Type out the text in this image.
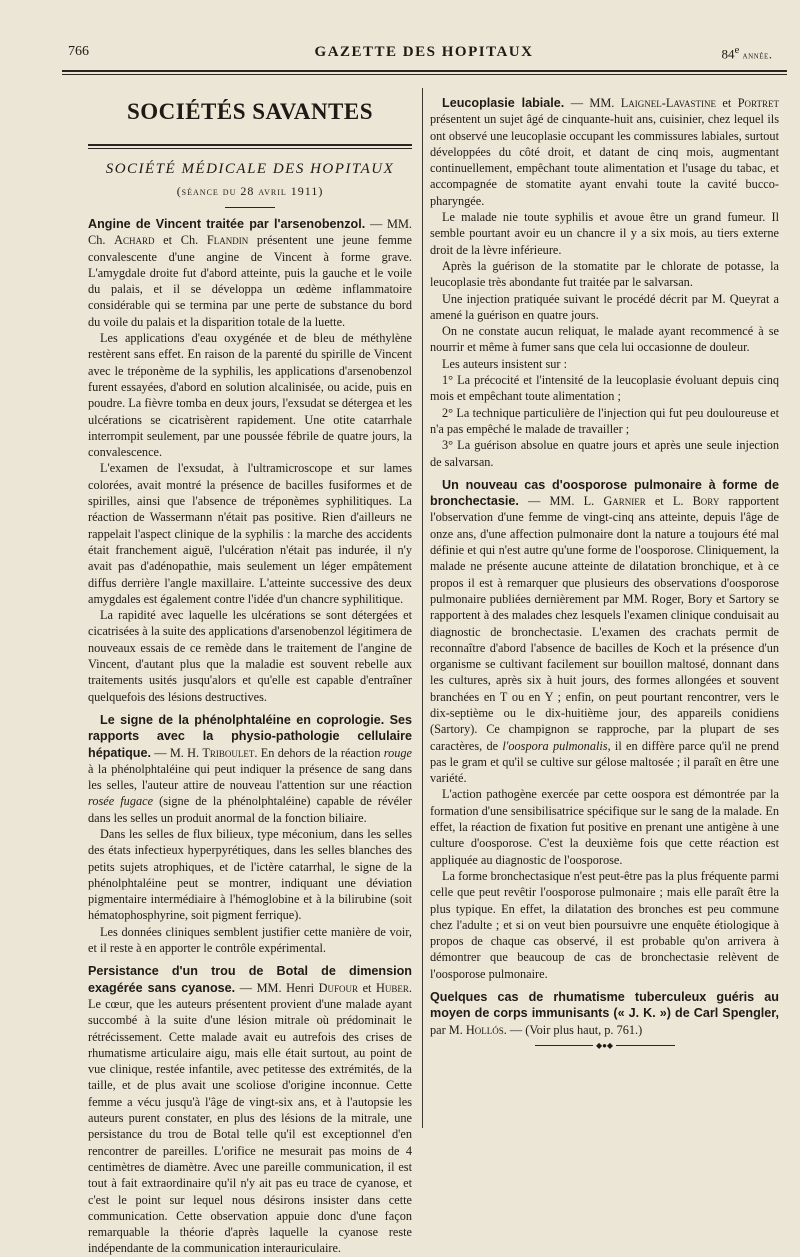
766	GAZETTE DES HOPITAUX	84e année.
SOCIÉTÉS SAVANTES
SOCIÉTÉ MÉDICALE DES HOPITAUX
(séance du 28 avril 1911)

Angine de Vincent traitée par l'arsenobenzol. — MM. Ch. Achard et Ch. Flandin présentent une jeune femme convalescente d'une angine de Vincent à forme grave. L'amygdale droite fut d'abord atteinte, puis la gauche et le voile du palais, et il se développa un œdème inflammatoire considérable qui se termina par une perte de substance du bord du voile du palais et la disparition totale de la luette.

Les applications d'eau oxygénée et de bleu de méthylène restèrent sans effet. En raison de la parenté du spirille de Vincent avec le tréponème de la syphilis, les applications d'arsenobenzol furent essayées, d'abord en solution alcalinisée, ou acide, puis en poudre. La fièvre tomba en deux jours, l'exsudat se détergea et les ulcérations se cicatrisèrent rapidement. Une otite catarrhale interrompit seulement, par une poussée fébrile de quatre jours, la convalescence.

L'examen de l'exsudat, à l'ultramicroscope et sur lames colorées, avait montré la présence de bacilles fusiformes et de spirilles, ainsi que l'absence de tréponèmes syphilitiques. La réaction de Wassermann n'était pas positive. Rien d'ailleurs ne rappelait l'aspect clinique de la syphilis : la marche des accidents était franchement aiguë, l'ulcération n'était pas indurée, il n'y avait pas d'adénopathie, mais seulement un léger empâtement diffus derrière l'angle maxillaire. L'atteinte successive des deux amygdales est également contre l'idée d'un chancre syphilitique.

La rapidité avec laquelle les ulcérations se sont détergées et cicatrisées à la suite des applications d'arsenobenzol légitimera de nouveaux essais de ce remède dans le traitement de l'angine de Vincent, d'autant plus que la maladie est souvent rebelle aux traitements usités jusqu'alors et qu'elle est capable d'entraîner quelquefois des lésions destructives.

Le signe de la phénolphtaléine en coprologie. Ses rapports avec la physio-pathologie cellulaire hépatique. — M. H. Triboulet. En dehors de la réaction rouge à la phénolphtaléine qui peut indiquer la présence de sang dans les selles, l'auteur attire de nouveau l'attention sur une réaction rosée fugace (signe de la phénolphtaléine) capable de révéler dans les selles un produit anormal de la fonction biliaire.

Dans les selles de flux bilieux, type méconium, dans les selles des états infectieux hyperpyrétiques, dans les selles blanches des petits sujets atrophiques, et de l'ictère catarrhal, le signe de la phénolphtaléine peut se montrer, indiquant une déviation pigmentaire intermédiaire à l'hémoglobine et à la bilirubine (soit hématophosphyrine, soit pigment ferrique).

Les données cliniques semblent justifier cette manière de voir, et il reste à en apporter le contrôle expérimental.

Persistance d'un trou de Botal de dimension exagérée sans cyanose. — MM. Henri Dufour et Huber. Le cœur, que les auteurs présentent provient d'une malade ayant succombé à la suite d'une lésion mitrale où prédominait le rétrécissement. Cette malade avait eu autrefois des crises de rhumatisme articulaire aigu, mais elle était surtout, au point de vue clinique, restée infantile, avec petitesse des extrémités, de la taille, et de plus avait une scoliose d'origine inconnue. Cette femme a vécu jusqu'à l'âge de vingt-six ans, et à l'autopsie les auteurs purent constater, en plus des lésions de la mitrale, une persistance du trou de Botal telle qu'il est exceptionnel d'en rencontrer de pareilles. L'orifice ne mesurait pas moins de 4 centimètres de diamètre. Avec une pareille communication, il est tout à fait extraordinaire qu'il n'y ait pas eu trace de cyanose, et c'est le point sur lequel nous désirons insister dans cette communication. Cette observation appuie donc d'une façon remarquable la théorie d'après laquelle la cyanose reste indépendante de la communication interauriculaire.

Leucoplasie labiale. — MM. Laignel-Lavastine et Portret présentent un sujet âgé de cinquante-huit ans, cuisinier, chez lequel ils ont observé une leucoplasie occupant les commissures labiales, surtout développées du côté droit, et datant de cinq mois, augmentant continuellement, empêchant toute alimentation et l'usage du tabac, et accompagnée de stomatite ayant envahi toute la cavité bucco-pharyngée.

Le malade nie toute syphilis et avoue être un grand fumeur. Il semble pourtant avoir eu un chancre il y a six mois, au tiers externe droit de la lèvre inférieure.

Après la guérison de la stomatite par le chlorate de potasse, la leucoplasie très abondante fut traitée par le salvarsan.

Une injection pratiquée suivant le procédé décrit par M. Queyrat a amené la guérison en quatre jours.

On ne constate aucun reliquat, le malade ayant recommencé à se nourrir et même à fumer sans que cela lui occasionne de douleur.

Les auteurs insistent sur :

1° La précocité et l'intensité de la leucoplasie évoluant depuis cinq mois et empêchant toute alimentation ;

2° La technique particulière de l'injection qui fut peu douloureuse et n'a pas empêché le malade de travailler ;

3° La guérison absolue en quatre jours et après une seule injection de salvarsan.

Un nouveau cas d'oosporose pulmonaire à forme de bronchectasie. — MM. L. Garnier et L. Bory rapportent l'observation d'une femme de vingt-cinq ans atteinte, depuis l'âge de onze ans, d'une affection pulmonaire dont la nature a toujours été mal définie et qui n'est autre qu'une forme de l'oosporose. Cliniquement, la malade ne présente aucune atteinte de dilatation bronchique, et à ce propos il est à remarquer que plusieurs des observations d'oosporose pulmonaire publiées dernièrement par MM. Roger, Bory et Sartory se rapportent à des malades chez lesquels l'examen clinique conduisait au diagnostic de bronchectasie. L'examen des crachats permit de reconnaître d'abord l'absence de bacilles de Koch et la présence d'un organisme se cultivant facilement sur bouillon maltosé, donnant dans les cultures, après six à huit jours, des formes allongées et souvent branchées en T ou en Y ; enfin, on peut pourtant rencontrer, vers le dix-septième ou le dix-huitième jour, des appareils conidiens (Sartory). Ce champignon se rapproche, par la plupart de ses caractères, de l'oospora pulmonalis, il en diffère parce qu'il ne prend pas le gram et qu'il se cultive sur gélose maltosée ; il paraît en être une variété.

L'action pathogène exercée par cette oospora est démontrée par la formation d'une sensibilisatrice spécifique sur le sang de la malade. En effet, la réaction de fixation fut positive en prenant une antigène à une culture d'oosporose. C'est la deuxième fois que cette réaction est appliquée au diagnostic de l'oosporose.

La forme bronchectasique n'est peut-être pas la plus fréquente parmi celle que peut revêtir l'oosporose pulmonaire ; mais elle paraît être la plus typique. En effet, la dilatation des bronches est peu commune chez l'adulte ; et si on veut bien poursuivre une enquête étiologique à propos de chaque cas observé, il est probable qu'on arrivera à démontrer que beaucoup de cas de bronchectasie relèvent de l'oosporose pulmonaire.

Quelques cas de rhumatisme tuberculeux guéris au moyen de corps immunisants (« J. K. ») de Carl Spengler, par M. Hollós. — (Voir plus haut, p. 761.)

◆●◆
